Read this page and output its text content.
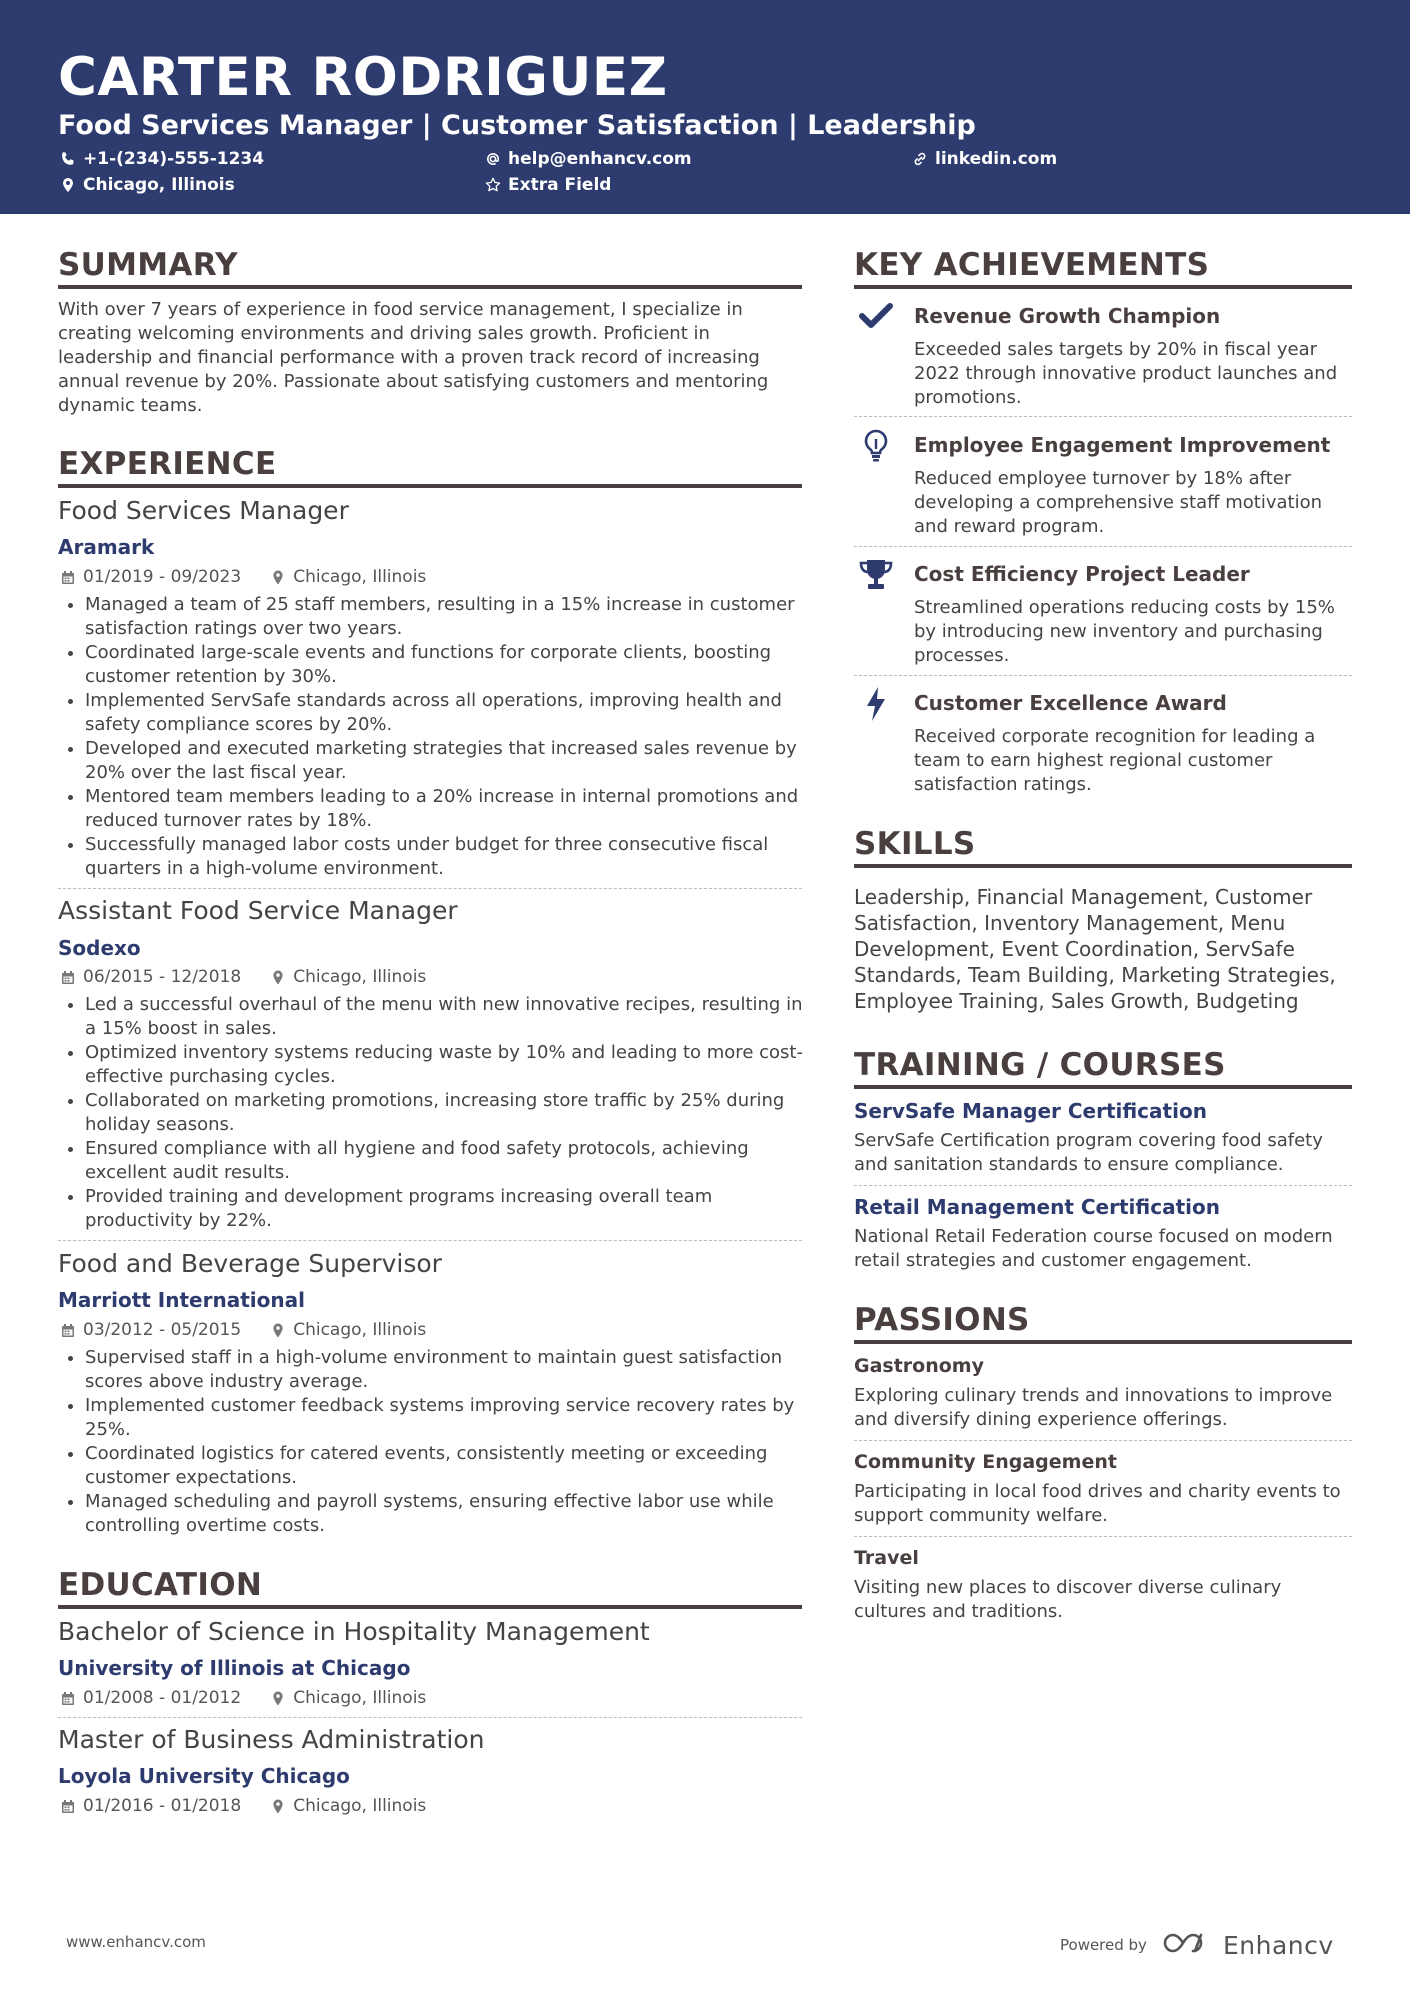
CARTER RODRIGUEZ
Food Services Manager | Customer Satisfaction | Leadership
+1-(234)-555-1234	help@enhancv.com	linkedin.com
Chicago, Illinois	Extra Field
SUMMARY
With over 7 years of experience in food service management, I specialize in creating welcoming environments and driving sales growth. Proficient in leadership and financial performance with a proven track record of increasing annual revenue by 20%. Passionate about satisfying customers and mentoring dynamic teams.
EXPERIENCE
Food Services Manager
Aramark
01/2019 - 09/2023	Chicago, Illinois
• Managed a team of 25 staff members, resulting in a 15% increase in customer satisfaction ratings over two years.
• Coordinated large-scale events and functions for corporate clients, boosting customer retention by 30%.
• Implemented ServSafe standards across all operations, improving health and safety compliance scores by 20%.
• Developed and executed marketing strategies that increased sales revenue by 20% over the last fiscal year.
• Mentored team members leading to a 20% increase in internal promotions and reduced turnover rates by 18%.
• Successfully managed labor costs under budget for three consecutive fiscal quarters in a high-volume environment.
Assistant Food Service Manager
Sodexo
06/2015 - 12/2018	Chicago, Illinois
• Led a successful overhaul of the menu with new innovative recipes, resulting in a 15% boost in sales.
• Optimized inventory systems reducing waste by 10% and leading to more cost-effective purchasing cycles.
• Collaborated on marketing promotions, increasing store traffic by 25% during holiday seasons.
• Ensured compliance with all hygiene and food safety protocols, achieving excellent audit results.
• Provided training and development programs increasing overall team productivity by 22%.
Food and Beverage Supervisor
Marriott International
03/2012 - 05/2015	Chicago, Illinois
• Supervised staff in a high-volume environment to maintain guest satisfaction scores above industry average.
• Implemented customer feedback systems improving service recovery rates by 25%.
• Coordinated logistics for catered events, consistently meeting or exceeding customer expectations.
• Managed scheduling and payroll systems, ensuring effective labor use while controlling overtime costs.
EDUCATION
Bachelor of Science in Hospitality Management
University of Illinois at Chicago
01/2008 - 01/2012	Chicago, Illinois
Master of Business Administration
Loyola University Chicago
01/2016 - 01/2018	Chicago, Illinois
KEY ACHIEVEMENTS
Revenue Growth Champion
Exceeded sales targets by 20% in fiscal year 2022 through innovative product launches and promotions.
Employee Engagement Improvement
Reduced employee turnover by 18% after developing a comprehensive staff motivation and reward program.
Cost Efficiency Project Leader
Streamlined operations reducing costs by 15% by introducing new inventory and purchasing processes.
Customer Excellence Award
Received corporate recognition for leading a team to earn highest regional customer satisfaction ratings.
SKILLS
Leadership, Financial Management, Customer Satisfaction, Inventory Management, Menu Development, Event Coordination, ServSafe Standards, Team Building, Marketing Strategies, Employee Training, Sales Growth, Budgeting
TRAINING / COURSES
ServSafe Manager Certification
ServSafe Certification program covering food safety and sanitation standards to ensure compliance.
Retail Management Certification
National Retail Federation course focused on modern retail strategies and customer engagement.
PASSIONS
Gastronomy
Exploring culinary trends and innovations to improve and diversify dining experience offerings.
Community Engagement
Participating in local food drives and charity events to support community welfare.
Travel
Visiting new places to discover diverse culinary cultures and traditions.
www.enhancv.com	Powered by	Enhancv
